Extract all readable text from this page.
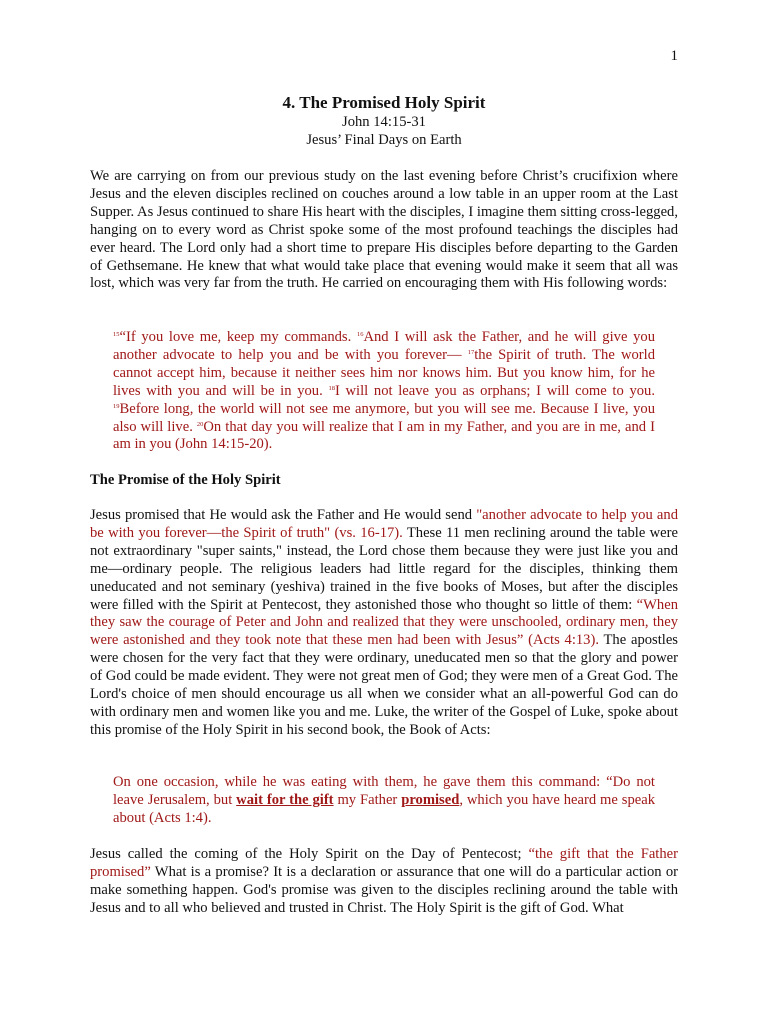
1

4. The Promised Holy Spirit

John 14:15-31

Jesus’ Final Days on Earth

We are carrying on from our previous study on the last evening before Christ’s crucifixion where Jesus and the eleven disciples reclined on couches around a low table in an upper room at the Last Supper. As Jesus continued to share His heart with the disciples, I imagine them sitting cross-legged, hanging on to every word as Christ spoke some of the most profound teachings the disciples had ever heard. The Lord only had a short time to prepare His disciples before departing to the Garden of Gethsemane. He knew that what would take place that evening would make it seem that all was lost, which was very far from the truth. He carried on encouraging them with His following words:

$^{15}$“If you love me, keep my commands. $^{16}$And I will ask the Father, and he will give you another advocate to help you and be with you forever— $^{17}$the Spirit of truth. The world cannot accept him, because it neither sees him nor knows him. But you know him, for he lives with you and will be in you. $^{18}$I will not leave you as orphans; I will come to you. $^{19}$Before long, the world will not see me anymore, but you will see me. Because I live, you also will live. $^{20}$On that day you will realize that I am in my Father, and you are in me, and I am in you (John 14:15-20).

The Promise of the Holy Spirit

Jesus promised that He would ask the Father and He would send "another advocate to help you and be with you forever—the Spirit of truth" (vs. 16-17). These 11 men reclining around the table were not extraordinary "super saints," instead, the Lord chose them because they were just like you and me—ordinary people. The religious leaders had little regard for the disciples, thinking them uneducated and not seminary (yeshiva) trained in the five books of Moses, but after the disciples were filled with the Spirit at Pentecost, they astonished those who thought so little of them: “When they saw the courage of Peter and John and realized that they were unschooled, ordinary men, they were astonished and they took note that these men had been with Jesus” (Acts 4:13). The apostles were chosen for the very fact that they were ordinary, uneducated men so that the glory and power of God could be made evident. They were not great men of God; they were men of a Great God. The Lord's choice of men should encourage us all when we consider what an all-powerful God can do with ordinary men and women like you and me. Luke, the writer of the Gospel of Luke, spoke about this promise of the Holy Spirit in his second book, the Book of Acts:

On one occasion, while he was eating with them, he gave them this command: “Do not leave Jerusalem, but wait for the gift my Father promised, which you have heard me speak about (Acts 1:4).

Jesus called the coming of the Holy Spirit on the Day of Pentecost; “the gift that the Father promised” What is a promise? It is a declaration or assurance that one will do a particular action or make something happen. God's promise was given to the disciples reclining around the table with Jesus and to all who believed and trusted in Christ. The Holy Spirit is the gift of God. What
